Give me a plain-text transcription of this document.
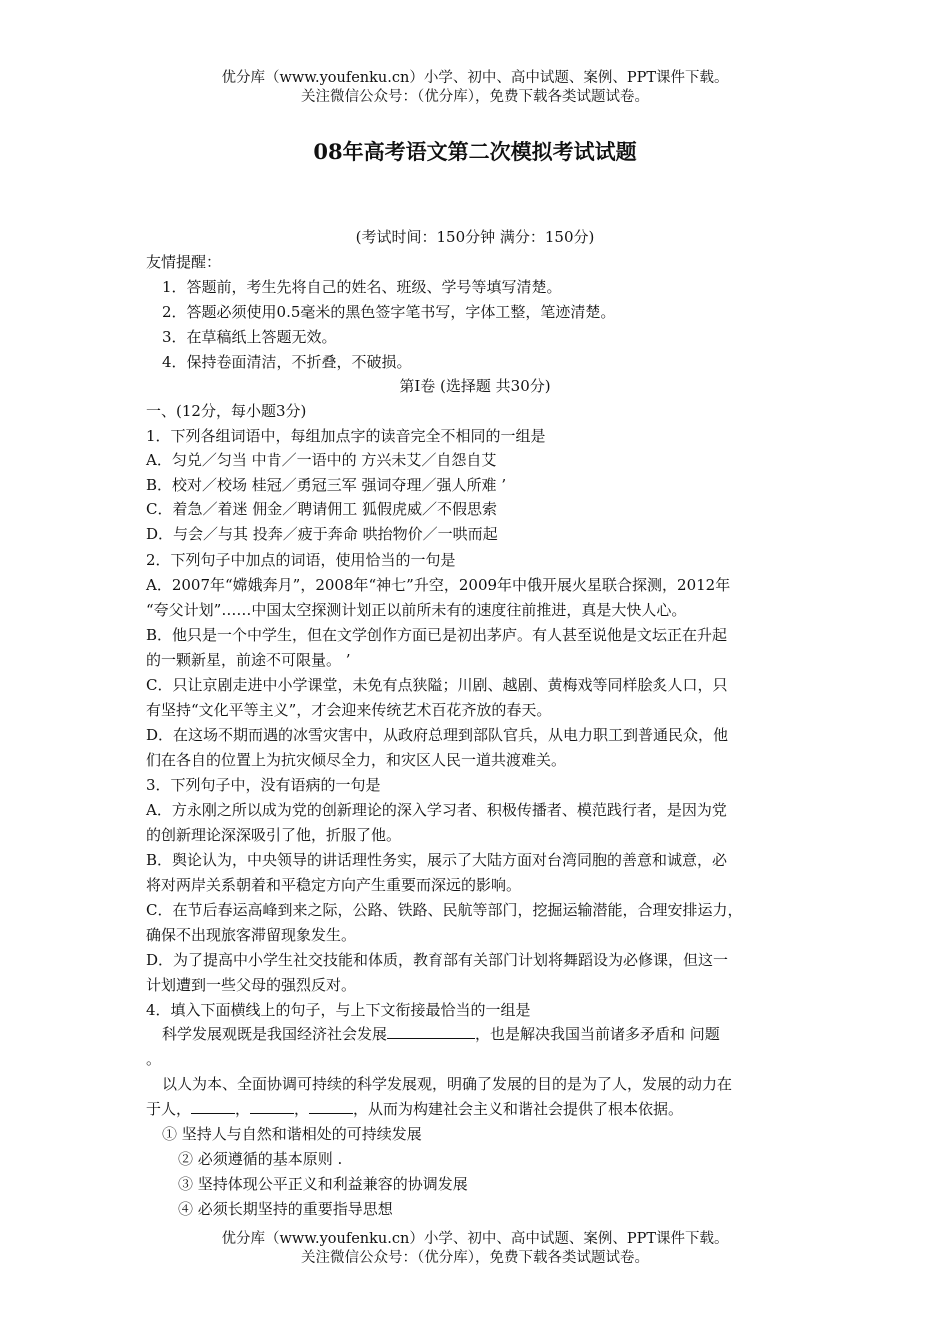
优分库（www.youfenku.cn）小学、初中、高中试题、案例、PPT课件下载。
关注微信公众号：（优分库），免费下载各类试题试卷。
08年高考语文第二次模拟考试试题
(考试时间：150分钟 满分：150分)
友情提醒：
1．答题前，考生先将自己的姓名、班级、学号等填写清楚。
2．答题必须使用0.5毫米的黑色签字笔书写，字体工整，笔迹清楚。
3．在草稿纸上答题无效。
4．保持卷面清洁，不折叠，不破损。
第Ⅰ卷 (选择题 共30分)
一、(12分，每小题3分)
1．下列各组词语中，每组加点字的读音完全不相同的一组是
A．匀兑／匀当 中肯／一语中的 方兴未艾／自怨自艾
B．校对／校场 桂冠／勇冠三军 强词夺理／强人所难 ’
C．着急／着迷 佣金／聘请佣工 狐假虎威／不假思索
D．与会／与其 投奔／疲于奔命 哄抬物价／一哄而起
2．下列句子中加点的词语，使用恰当的一句是
A．2007年“嫦娥奔月”，2008年“神七”升空，2009年中俄开展火星联合探测，2012年
“夸父计划”……中国太空探测计划正以前所未有的速度往前推进，真是大快人心。
B．他只是一个中学生，但在文学创作方面已是初出茅庐。有人甚至说他是文坛正在升起
的一颗新星，前途不可限量。 ’
C．只让京剧走进中小学课堂，未免有点狭隘；川剧、越剧、黄梅戏等同样脍炙人口，只
有坚持“文化平等主义”，才会迎来传统艺术百花齐放的春天。
D．在这场不期而遇的冰雪灾害中，从政府总理到部队官兵，从电力职工到普通民众，他
们在各自的位置上为抗灾倾尽全力，和灾区人民一道共渡难关。
3．下列句子中，没有语病的一句是
A．方永刚之所以成为党的创新理论的深入学习者、积极传播者、模范践行者，是因为党
的创新理论深深吸引了他，折服了他。
B．舆论认为，中央领导的讲话理性务实，展示了大陆方面对台湾同胞的善意和诚意，必
将对两岸关系朝着和平稳定方向产生重要而深远的影响。
C．在节后春运高峰到来之际，公路、铁路、民航等部门，挖掘运输潜能，合理安排运力，
确保不出现旅客滞留现象发生。
D．为了提高中小学生社交技能和体质，教育部有关部门计划将舞蹈设为必修课，但这一
计划遭到一些父母的强烈反对。
4．填入下面横线上的句子，与上下文衔接最恰当的一组是
科学发展观既是我国经济社会发展	，也是解决我国当前诸多矛盾和 问题
。
以人为本、全面协调可持续的科学发展观，明确了发展的目的是为了人，发展的动力在
于人，	，	，	，从而为构建社会主义和谐社会提供了根本依据。
① 坚持人与自然和谐相处的可持续发展
② 必须遵循的基本原则 .
③ 坚持体现公平正义和利益兼容的协调发展
④ 必须长期坚持的重要指导思想
优分库（www.youfenku.cn）小学、初中、高中试题、案例、PPT课件下载。
关注微信公众号：（优分库），免费下载各类试题试卷。
